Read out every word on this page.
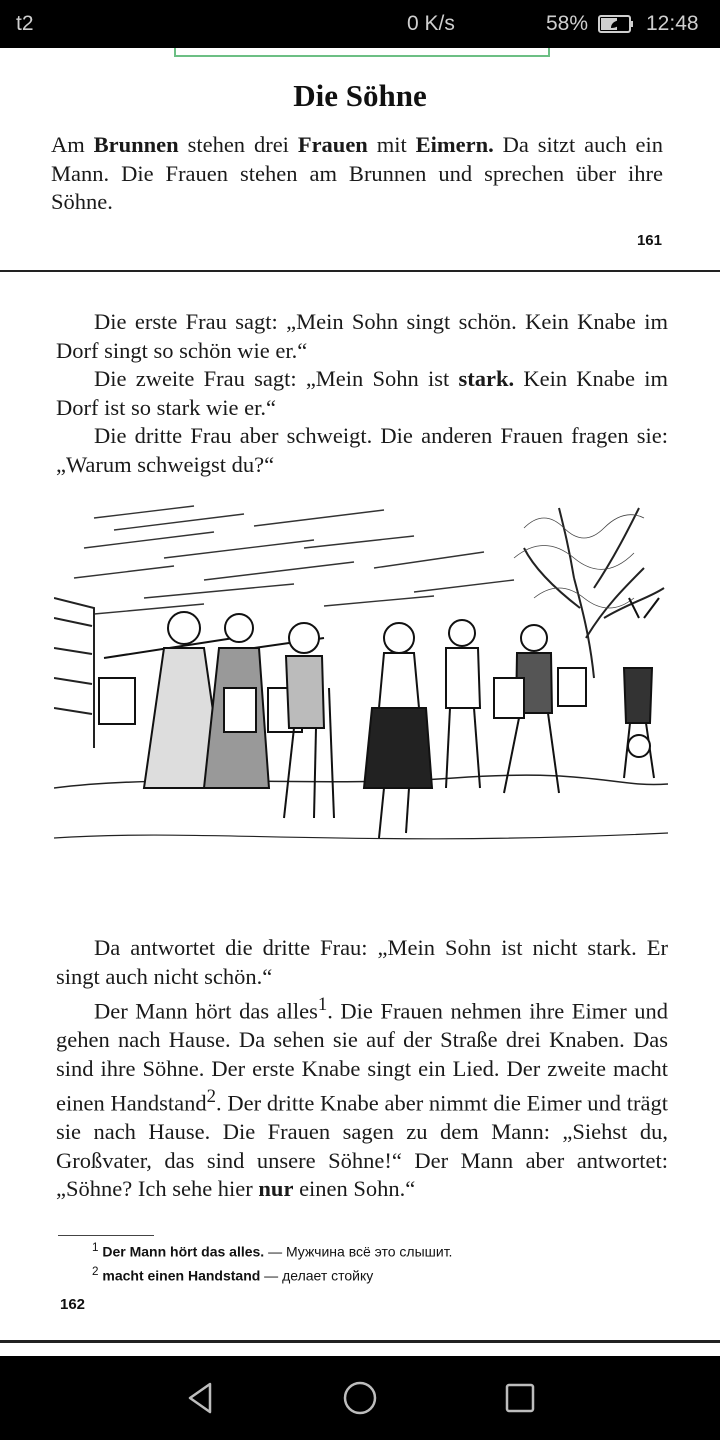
t2	0 K/s	58%	12:48
Die Söhne

Am Brunnen stehen drei Frauen mit Eimern. Da sitzt auch ein Mann. Die Frauen stehen am Brunnen und sprechen über ihre Söhne.

161

Die erste Frau sagt: „Mein Sohn singt schön. Kein Knabe im Dorf singt so schön wie er.“

Die zweite Frau sagt: „Mein Sohn ist stark. Kein Knabe im Dorf ist so stark wie er.“

Die dritte Frau aber schweigt. Die anderen Frauen fragen sie: „Warum schweigst du?“

Da antwortet die dritte Frau: „Mein Sohn ist nicht stark. Er singt auch nicht schön.“

Der Mann hört das alles$^1$. Die Frauen nehmen ihre Eimer und gehen nach Hause. Da sehen sie auf der Straße drei Knaben. Das sind ihre Söhne. Der erste Knabe singt ein Lied. Der zweite macht einen Handstand$^2$. Der dritte Knabe aber nimmt die Eimer und trägt sie nach Hause. Die Frauen sagen zu dem Mann: „Siehst du, Großvater, das sind unsere Söhne!“ Der Mann aber antwortet: „Söhne? Ich sehe hier nur einen Sohn.“

$^1$ Der Mann hört das alles. — Мужчина всё это слышит.
$^2$ macht einen Handstand — делает стойку
162
